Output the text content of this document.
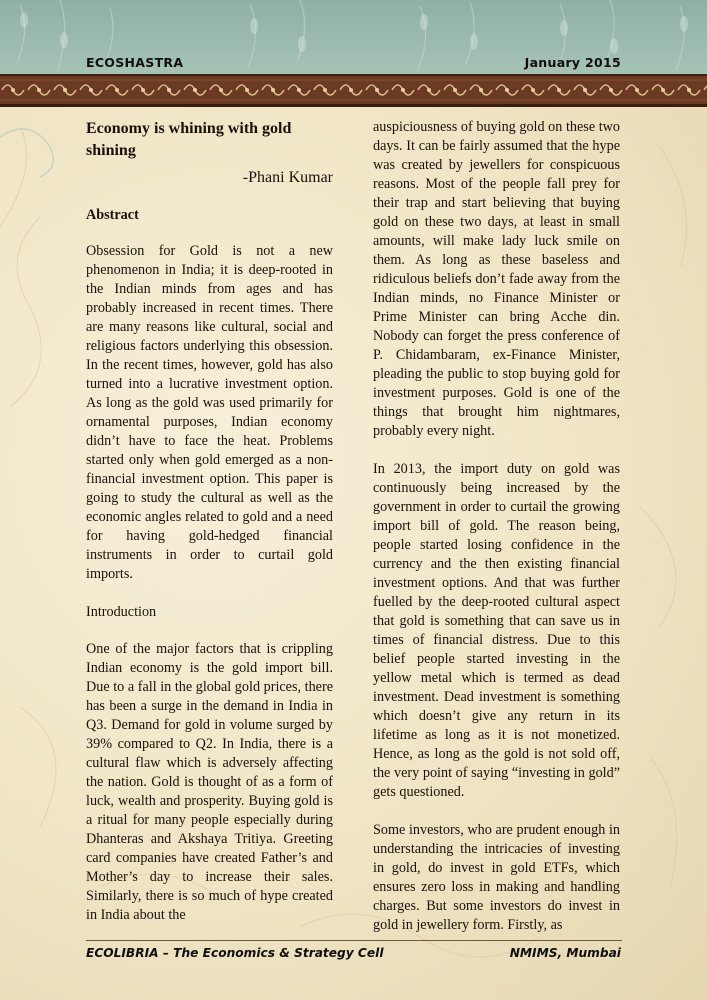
ECOSHASTRA	January 2015
Economy is whining with gold shining
-Phani Kumar
Abstract

Obsession for Gold is not a new phenomenon in India; it is deep-rooted in the Indian minds from ages and has probably increased in recent times. There are many reasons like cultural, social and religious factors underlying this obsession. In the recent times, however, gold has also turned into a lucrative investment option. As long as the gold was used primarily for ornamental purposes, Indian economy didn’t have to face the heat. Problems started only when gold emerged as a non-financial investment option. This paper is going to study the cultural as well as the economic angles related to gold and a need for having gold-hedged financial instruments in order to curtail gold imports.

Introduction

One of the major factors that is crippling Indian economy is the gold import bill. Due to a fall in the global gold prices, there has been a surge in the demand in India in Q3. Demand for gold in volume surged by 39% compared to Q2. In India, there is a cultural flaw which is adversely affecting the nation. Gold is thought of as a form of luck, wealth and prosperity. Buying gold is a ritual for many people especially during Dhanteras and Akshaya Tritiya. Greeting card companies have created Father’s and Mother’s day to increase their sales. Similarly, there is so much of hype created in India about the

auspiciousness of buying gold on these two days. It can be fairly assumed that the hype was created by jewellers for conspicuous reasons. Most of the people fall prey for their trap and start believing that buying gold on these two days, at least in small amounts, will make lady luck smile on them. As long as these baseless and ridiculous beliefs don’t fade away from the Indian minds, no Finance Minister or Prime Minister can bring Acche din. Nobody can forget the press conference of P. Chidambaram, ex-Finance Minister, pleading the public to stop buying gold for investment purposes. Gold is one of the things that brought him nightmares, probably every night.

In 2013, the import duty on gold was continuously being increased by the government in order to curtail the growing import bill of gold. The reason being, people started losing confidence in the currency and the then existing financial investment options. And that was further fuelled by the deep-rooted cultural aspect that gold is something that can save us in times of financial distress. Due to this belief people started investing in the yellow metal which is termed as dead investment. Dead investment is something which doesn’t give any return in its lifetime as long as it is not monetized. Hence, as long as the gold is not sold off, the very point of saying “investing in gold” gets questioned.

Some investors, who are prudent enough in understanding the intricacies of investing in gold, do invest in gold ETFs, which ensures zero loss in making and handling charges. But some investors do invest in gold in jewellery form. Firstly, as

ECOLIBRIA – The Economics & Strategy Cell	NMIMS, Mumbai
